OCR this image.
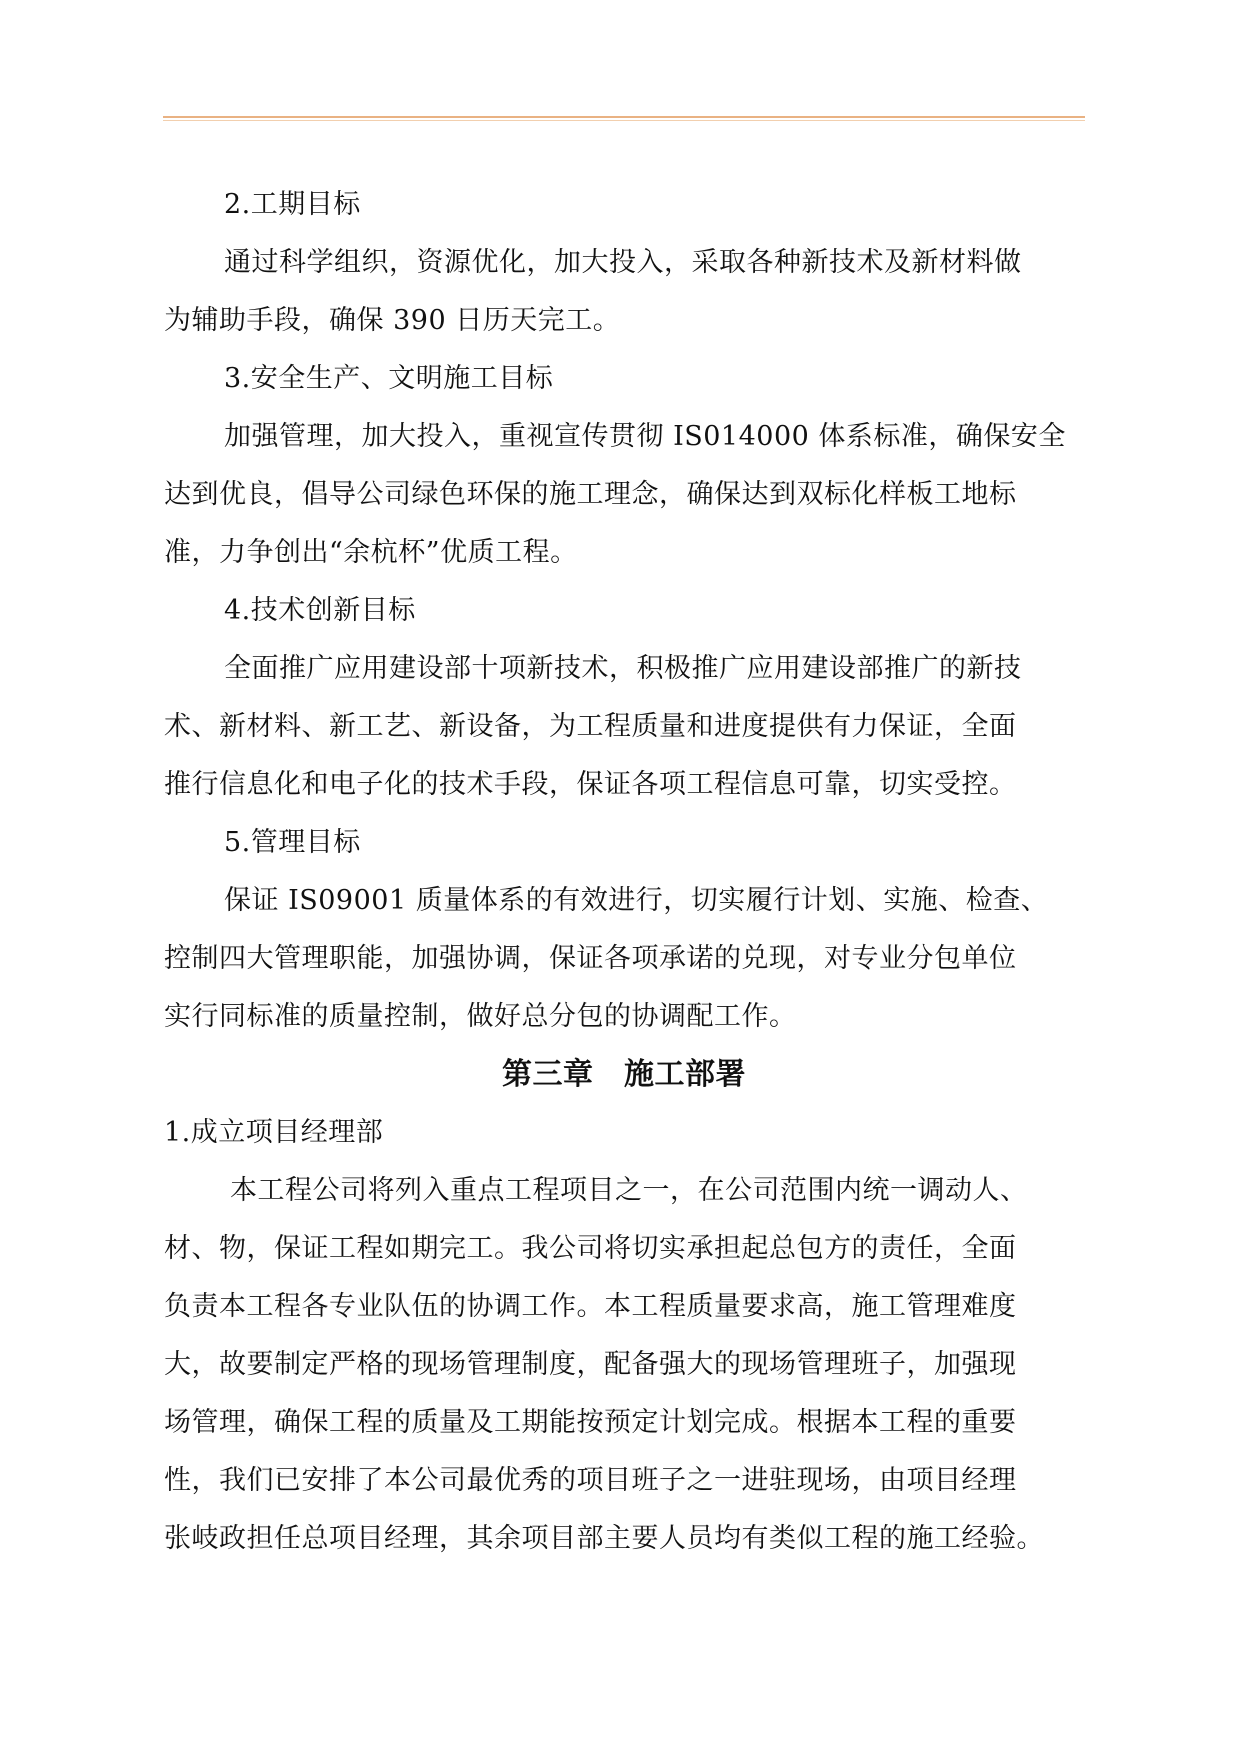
2.工期目标
通过科学组织，资源优化，加大投入，采取各种新技术及新材料做
为辅助手段，确保 390 日历天完工。
3.安全生产、文明施工目标
加强管理，加大投入，重视宣传贯彻 IS014000 体系标准，确保安全
达到优良，倡导公司绿色环保的施工理念，确保达到双标化样板工地标
准，力争创出“余杭杯”优质工程。
4.技术创新目标
全面推广应用建设部十项新技术，积极推广应用建设部推广的新技
术、新材料、新工艺、新设备，为工程质量和进度提供有力保证，全面
推行信息化和电子化的技术手段，保证各项工程信息可靠，切实受控。
5.管理目标
保证 IS09001 质量体系的有效进行，切实履行计划、实施、检查、
控制四大管理职能，加强协调，保证各项承诺的兑现，对专业分包单位
实行同标准的质量控制，做好总分包的协调配工作。
第三章　施工部署
1.成立项目经理部
本工程公司将列入重点工程项目之一，在公司范围内统一调动人、
材、物，保证工程如期完工。我公司将切实承担起总包方的责任，全面
负责本工程各专业队伍的协调工作。本工程质量要求高，施工管理难度
大，故要制定严格的现场管理制度，配备强大的现场管理班子，加强现
场管理，确保工程的质量及工期能按预定计划完成。根据本工程的重要
性，我们已安排了本公司最优秀的项目班子之一进驻现场，由项目经理
张岐政担任总项目经理，其余项目部主要人员均有类似工程的施工经验。
